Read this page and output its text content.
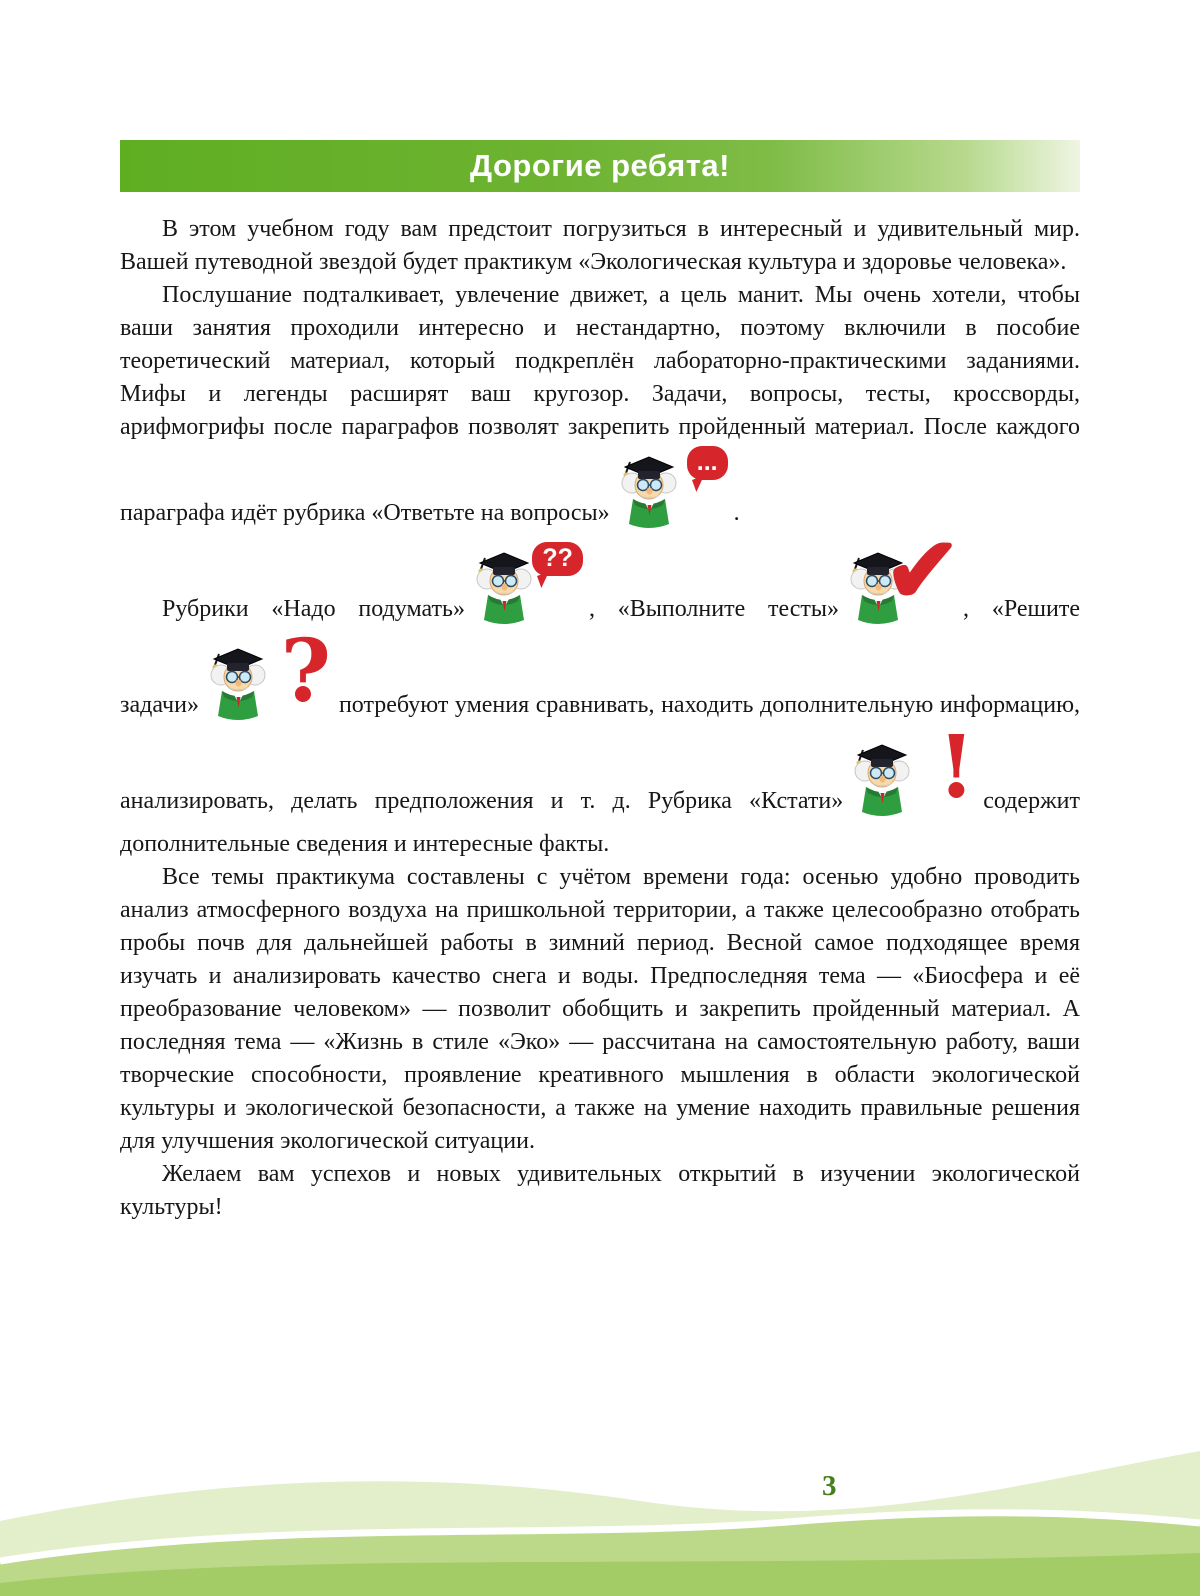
Дорогие ребята!

В этом учебном году вам предстоит погрузиться в интересный и удивительный мир. Вашей путеводной звездой будет практикум «Экологическая культура и здоровье человека».

Послушание подталкивает, увлечение движет, а цель манит. Мы очень хотели, чтобы ваши занятия проходили интересно и нестандартно, поэтому включили в пособие теоретический материал, который подкреплён лабораторно-практическими заданиями. Мифы и легенды расширят ваш кругозор. Задачи, вопросы, тесты, кроссворды, арифмогрифы после параграфов позволят закрепить пройденный материал. После каждого параграфа идёт рубрика «Ответьте на вопросы»
...
.

Рубрики «Надо подумать»
??
, «Выполните тесты» ✔ , «Решите задачи» ? потребуют умения сравнивать, находить дополнительную информацию, анализировать, делать предположения и т. д. Рубрика «Кстати» ! содержит дополнительные сведения и интересные факты.

Все темы практикума составлены с учётом времени года: осенью удобно проводить анализ атмосферного воздуха на пришкольной территории, а также целесообразно отобрать пробы почв для дальнейшей работы в зимний период. Весной самое подходящее время изучать и анализировать качество снега и воды. Предпоследняя тема — «Биосфера и её преобразование человеком» — позволит обобщить и закрепить пройденный материал. А последняя тема — «Жизнь в стиле «Эко» — рассчитана на самостоятельную работу, ваши творческие способности, проявление креативного мышления в области экологической культуры и экологической безопасности, а также на умение находить правильные решения для улучшения экологической ситуации.

Желаем вам успехов и новых удивительных открытий в изучении экологической культуры!

3
